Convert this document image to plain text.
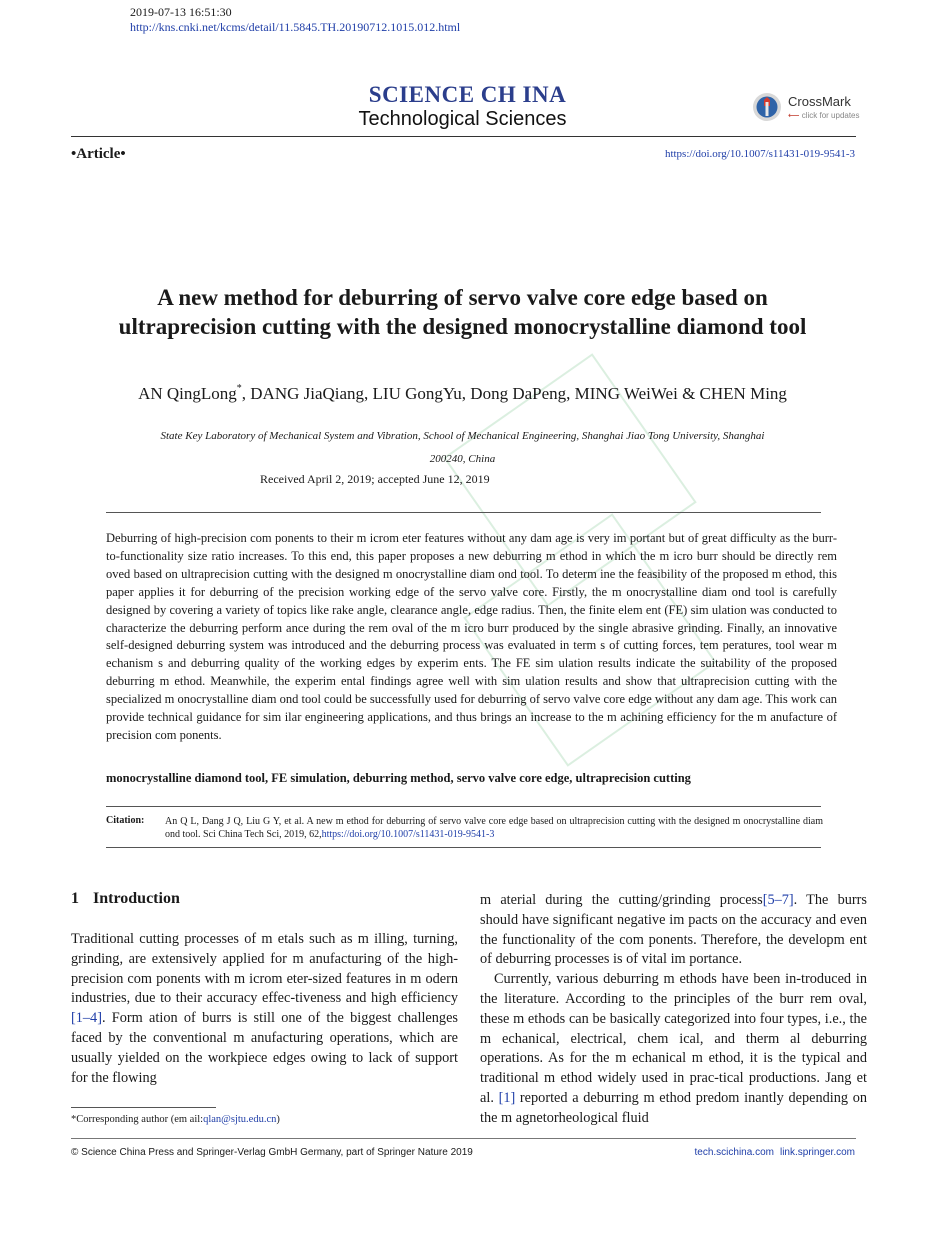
2019-07-13 16:51:30
http://kns.cnki.net/kcms/detail/11.5845.TH.20190712.1015.012.html
SCIENCE CH INA
Technological Sciences
CrossMark
⟵ click for updates
•Article•	https://doi.org/10.1007/s11431-019-9541-3
A new method for deburring of servo valve core edge based on ultraprecision cutting with the designed monocrystalline diamond tool
AN QingLong*, DANG JiaQiang, LIU GongYu, Dong DaPeng, MING WeiWei & CHEN Ming
State Key Laboratory of Mechanical System and Vibration, School of Mechanical Engineering, Shanghai Jiao Tong University, Shanghai
200240, China
Received April 2, 2019; accepted June 12, 2019
Deburring of high-precision com ponents to their m icrom eter features without any dam age is very im portant but of great difficulty as the burr-to-functionality size ratio increases. To this end, this paper proposes a new deburring m ethod in which the m icro burr should be directly rem oved based on ultraprecision cutting with the designed m onocrystalline diam ond tool. To determ ine the feasibility of the proposed m ethod, this paper applies it for deburring of the precision working edge of the servo valve core. Firstly, the m onocrystalline diam ond tool is carefully designed by covering a variety of topics like rake angle, clearance angle, edge radius. Then, the finite elem ent (FE) sim ulation was conducted to characterize the deburring perform ance during the rem oval of the m icro burr produced by the single abrasive grinding. Finally, an innovative self-designed deburring system was introduced and the deburring process was evaluated in term s of cutting forces, tem peratures, tool wear m echanism s and deburring quality of the working edges by experim ents. The FE sim ulation results indicate the suitability of the proposed deburring m ethod. Meanwhile, the experim ental findings agree well with sim ulation results and show that ultraprecision cutting with the specialized m onocrystalline diam ond tool could be successfully used for deburring of servo valve core edge without any dam age. This work can provide technical guidance for sim ilar engineering applications, and thus brings an increase to the m achining efficiency for the m anufacture of precision com ponents.
monocrystalline diamond tool, FE simulation, deburring method, servo valve core edge, ultraprecision cutting
Citation: An Q L, Dang J Q, Liu G Y, et al. A new m ethod for deburring of servo valve core edge based on ultraprecision cutting with the designed m onocrystalline diam ond tool. Sci China Tech Sci, 2019, 62,https://doi.org/10.1007/s11431-019-9541-3
1 Introduction

Traditional cutting processes of m etals such as m illing, turning, grinding, are extensively applied for m anufacturing of the high-precision com ponents with m icrom eter-sized features in m odern industries, due to their accuracy effec-tiveness and high efficiency [1–4]. Form ation of burrs is still one of the biggest challenges faced by the conventional m anufacturing operations, which are usually yielded on the workpiece edges owing to lack of support for the flowing

m aterial during the cutting/grinding process[5–7]. The burrs should have significant negative im pacts on the accuracy and even the functionality of the com ponents. Therefore, the developm ent of deburring processes is of vital im portance.

Currently, various deburring m ethods have been in-troduced in the literature. According to the principles of the burr rem oval, these m ethods can be basically categorized into four types, i.e., the m echanical, electrical, chem ical, and therm al deburring operations. As for the m echanical m ethod, it is the typical and traditional m ethod widely used in prac-tical productions. Jang et al. [1] reported a deburring m ethod predom inantly depending on the m agnetorheological fluid

*Corresponding author (em ail:qlan@sjtu.edu.cn)
© Science China Press and Springer-Verlag GmbH Germany, part of Springer Nature 2019	tech.scichina.com link.springer.com
